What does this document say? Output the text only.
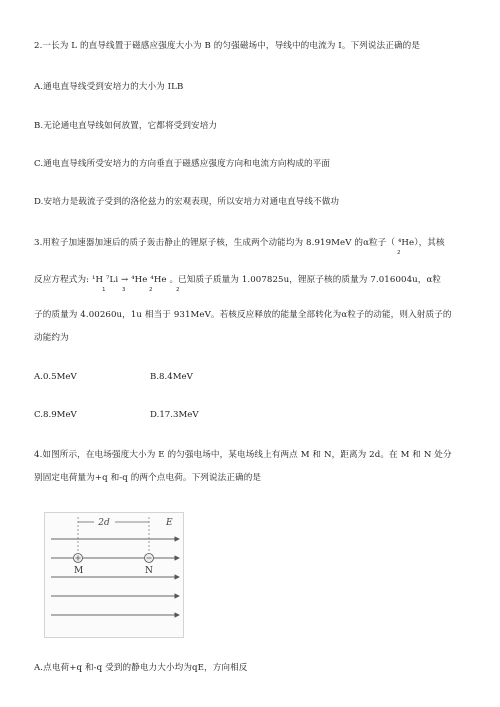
2.一长为 L 的直导线置于磁感应强度大小为 B 的匀强磁场中，导线中的电流为 I。下列说法正确的是
A.通电直导线受到安培力的大小为 ILB
B.无论通电直导线如何放置，它都将受到安培力
C.通电直导线所受安培力的方向垂直于磁感应强度方向和电流方向构成的平面
D.安培力是载流子受到的洛伦兹力的宏观表现，所以安培力对通电直导线不做功
3.用粒子加速器加速后的质子轰击静止的锂原子核，生成两个动能均为 8.919MeV 的α粒子（ ⁴He），其核
2
反应方程式为: ¹H ⁷Li → ⁴He ⁴He 。已知质子质量为 1.007825u，锂原子核的质量为 7.016004u，α粒
1	3	2	2
子的质量为 4.00260u，1u 相当于 931MeV。若核反应释放的能量全部转化为α粒子的动能，则入射质子的
动能约为
A.0.5MeV	B.8.4MeV
C.8.9MeV	D.17.3MeV
4.如图所示，在电场强度大小为 E 的匀强电场中，某电场线上有两点 M 和 N，距离为 2d。在 M 和 N 处分
别固定电荷量为+q 和-q 的两个点电荷。下列说法正确的是
2d	E
M	N
A.点电荷+q 和-q 受到的静电力大小均为qE，方向相反
